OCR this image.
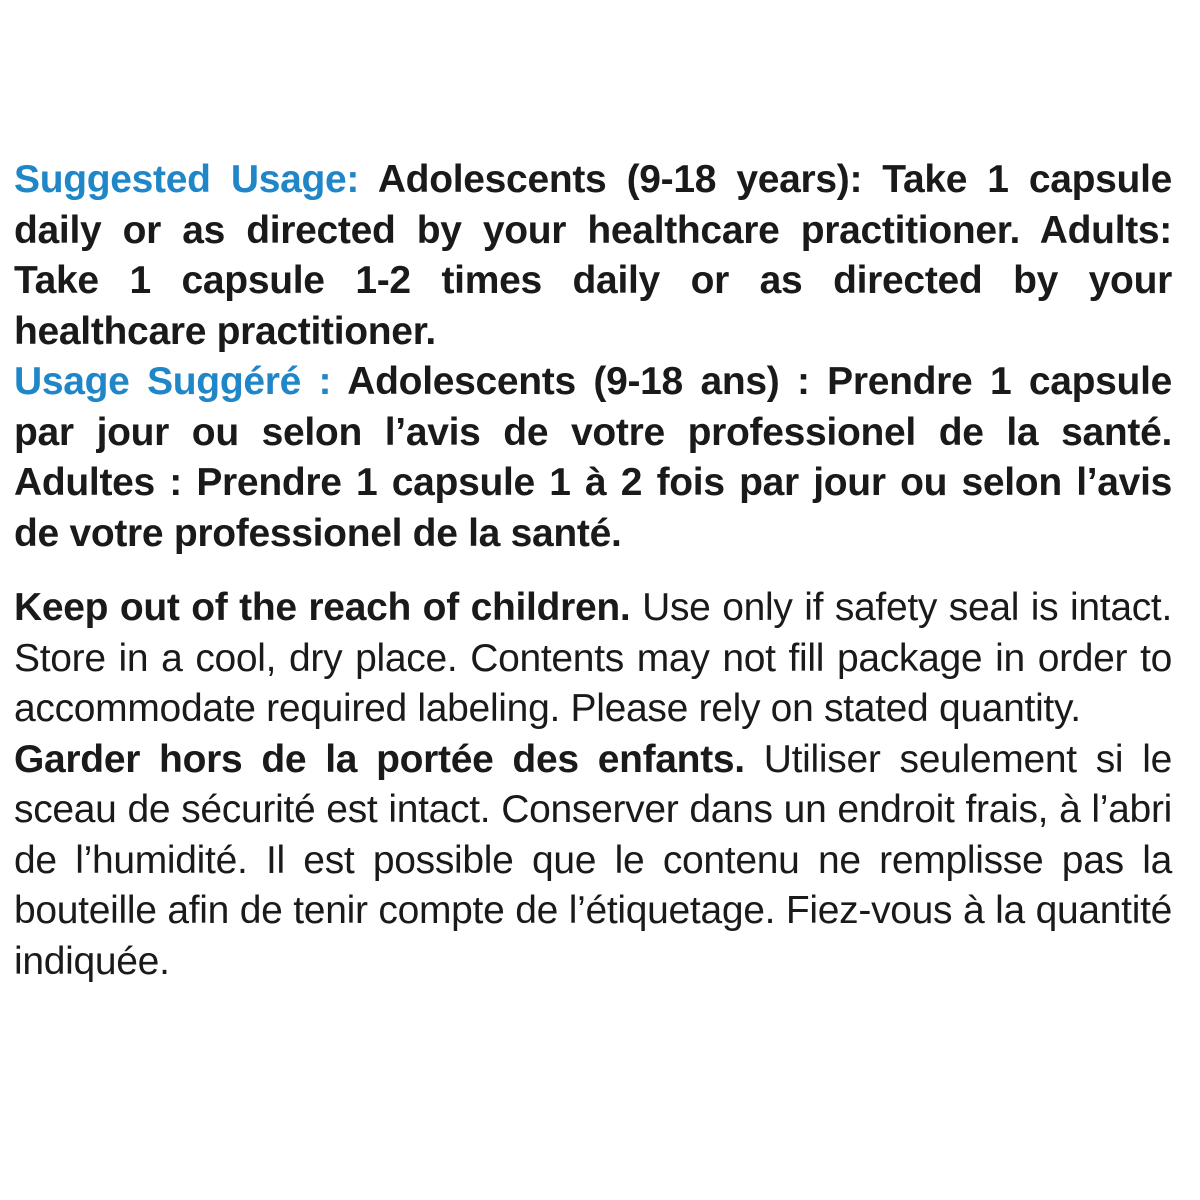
Suggested Usage: Adolescents (9-18 years): Take 1 capsule daily or as directed by your healthcare practitioner. Adults: Take 1 capsule 1-2 times daily or as directed by your healthcare practitioner.

Usage Suggéré : Adolescents (9-18 ans) : Prendre 1 capsule par jour ou selon l’avis de votre professionel de la santé. Adultes : Prendre 1 capsule 1 à 2 fois par jour ou selon l’avis de votre professionel de la santé.

Keep out of the reach of children. Use only if safety seal is intact. Store in a cool, dry place. Contents may not fill package in order to accommodate required labeling. Please rely on stated quantity.

Garder hors de la portée des enfants. Utiliser seulement si le sceau de sécurité est intact. Conserver dans un endroit frais, à l’abri de l’humidité. Il est possible que le contenu ne remplisse pas la bouteille afin de tenir compte de l’étiquetage. Fiez-vous à la quantité indiquée.
